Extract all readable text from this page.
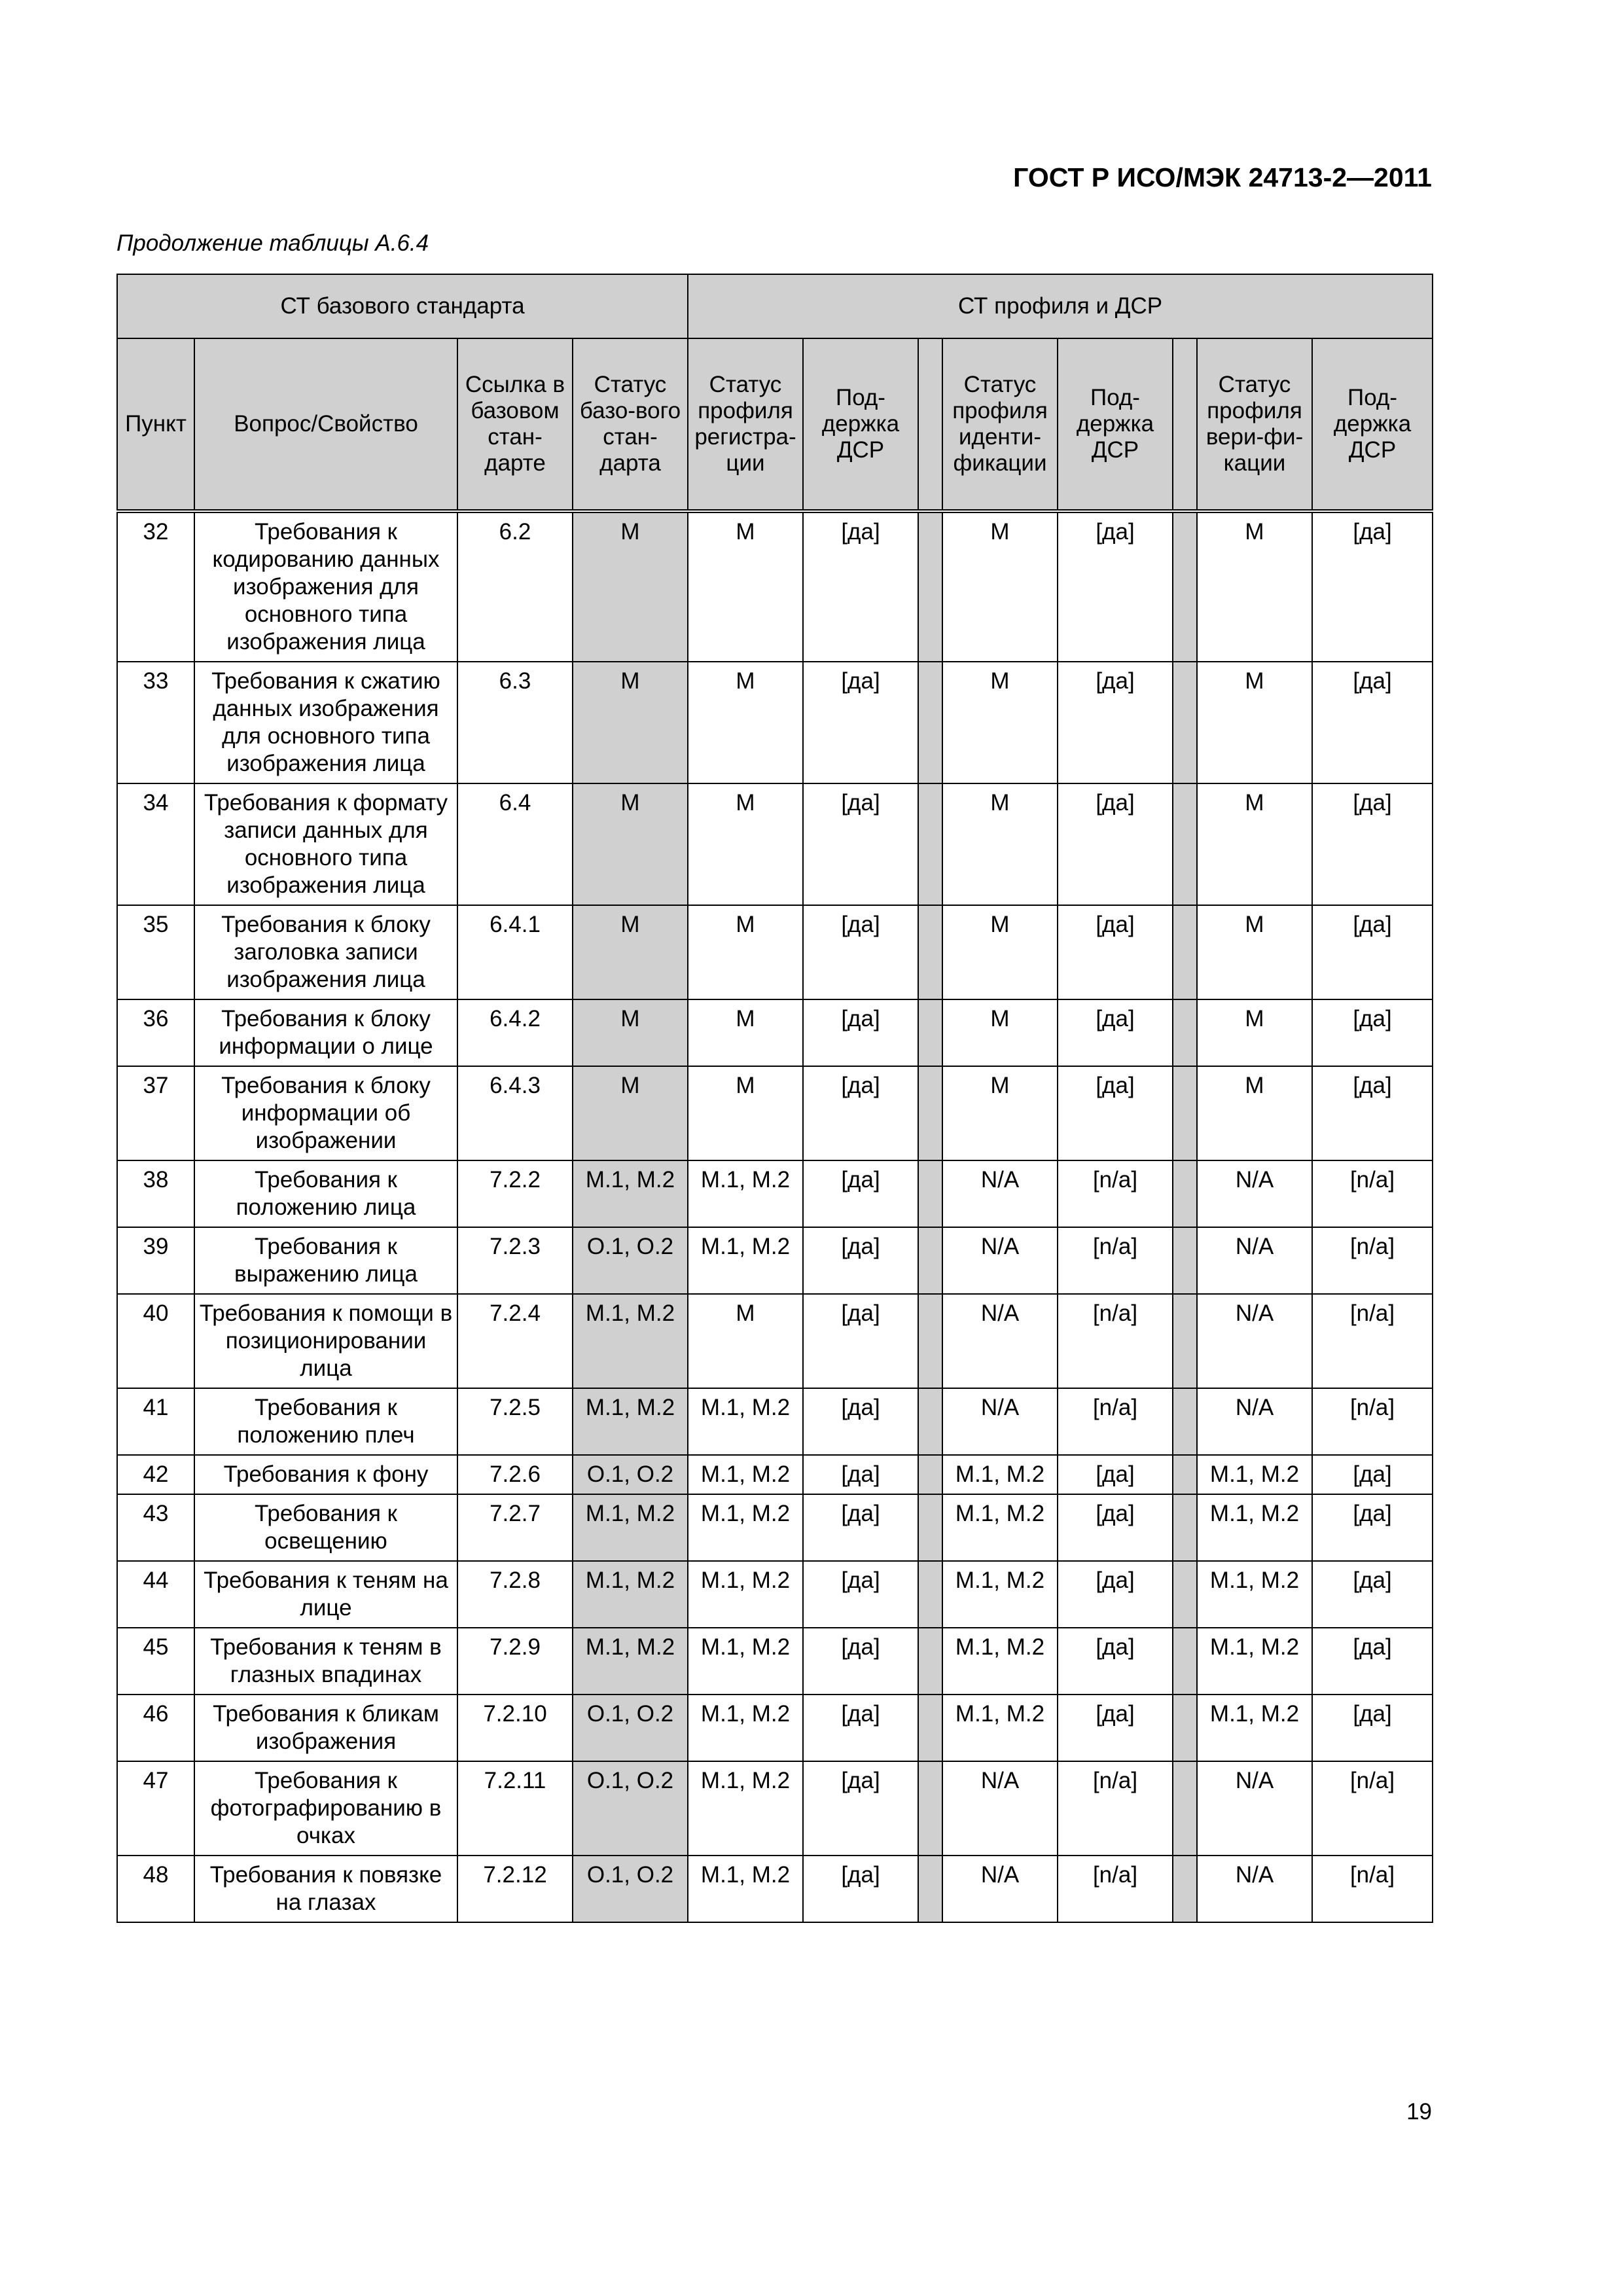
ГОСТ Р ИСО/МЭК 24713-2—2011
Продолжение таблицы А.6.4
СТ базового стандарта				СТ профиля и ДСР							
Пункт	Вопрос/Свойство	Ссылка в базовом стан-дарте	Статус базо-вого стан-дарта	Статус профиля регистра-ции	Под-держка ДСР		Статус профиля иденти-фикации	Под-держка ДСР		Статус профиля вери-фи-кации	Под-держка ДСР
32	Требования к кодированию данных изображения для основного типа изображения лица	6.2	M	M	[да]		M	[да]		M	[да]
33	Требования к сжатию данных изображения для основного типа изображения лица	6.3	M	M	[да]		M	[да]		M	[да]
34	Требования к формату записи данных для основного типа изображения лица	6.4	M	M	[да]		M	[да]		M	[да]
35	Требования к блоку заголовка записи изображения лица	6.4.1	M	M	[да]		M	[да]		M	[да]
36	Требования к блоку информации о лице	6.4.2	M	M	[да]		M	[да]		M	[да]
37	Требования к блоку информации об изображении	6.4.3	M	M	[да]		M	[да]		M	[да]
38	Требования к положению лица	7.2.2	M.1, M.2	M.1, M.2	[да]		N/A	[n/a]		N/A	[n/a]
39	Требования к выражению лица	7.2.3	O.1, O.2	M.1, M.2	[да]		N/A	[n/a]		N/A	[n/a]
40	Требования к помощи в позиционировании лица	7.2.4	M.1, M.2	M	[да]		N/A	[n/a]		N/A	[n/a]
41	Требования к положению плеч	7.2.5	M.1, M.2	M.1, M.2	[да]		N/A	[n/a]		N/A	[n/a]
42	Требования к фону	7.2.6	O.1, O.2	M.1, M.2	[да]		M.1, M.2	[да]		M.1, M.2	[да]
43	Требования к освещению	7.2.7	M.1, M.2	M.1, M.2	[да]		M.1, M.2	[да]		M.1, M.2	[да]
44	Требования к теням на лице	7.2.8	M.1, M.2	M.1, M.2	[да]		M.1, M.2	[да]		M.1, M.2	[да]
45	Требования к теням в глазных впадинах	7.2.9	M.1, M.2	M.1, M.2	[да]		M.1, M.2	[да]		M.1, M.2	[да]
46	Требования к бликам изображения	7.2.10	O.1, O.2	M.1, M.2	[да]		M.1, M.2	[да]		M.1, M.2	[да]
47	Требования к фотографированию в очках	7.2.11	O.1, O.2	M.1, M.2	[да]		N/A	[n/a]		N/A	[n/a]
48	Требования к повязке на глазах	7.2.12	O.1, O.2	M.1, M.2	[да]		N/A	[n/a]		N/A	[n/a]
19
